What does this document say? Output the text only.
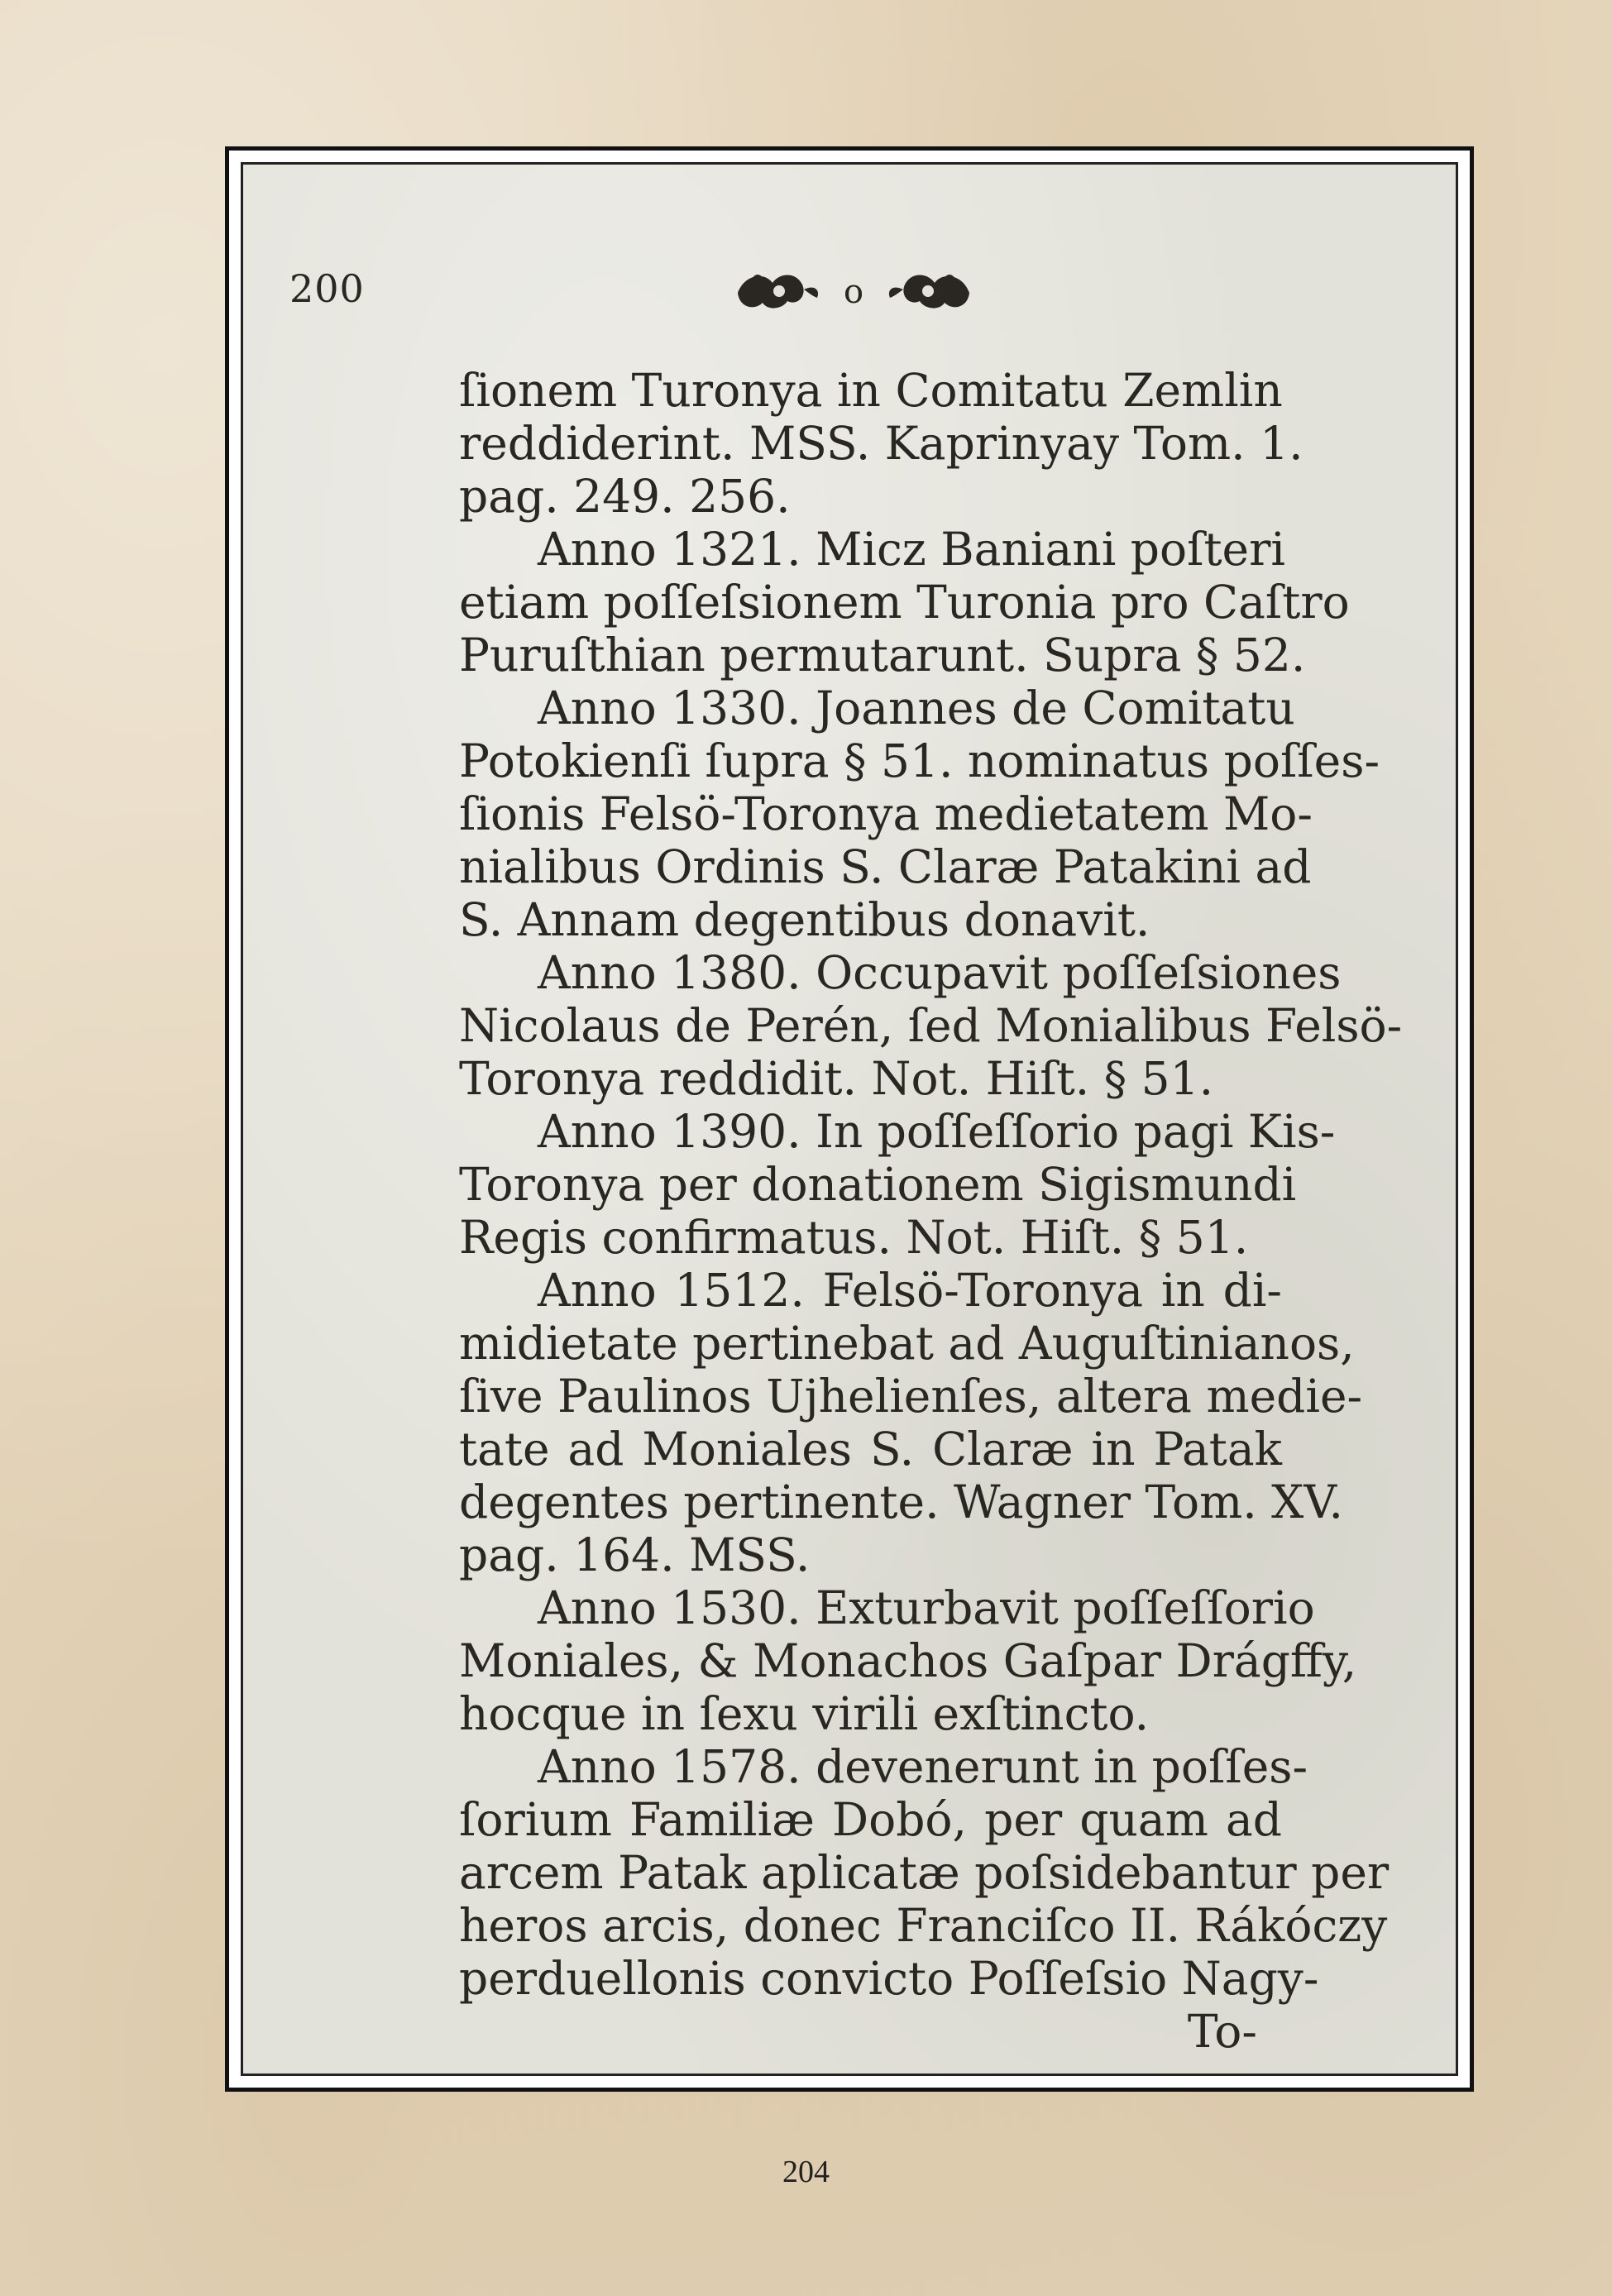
200	o
ſionem Turonya in Comitatu Zemlin
reddiderint. MSS. Kaprinyay Tom. 1.
pag. 249. 256.
Anno 1321. Micz Baniani poſteri
etiam poſſeſsionem Turonia pro Caſtro
Puruſthian permutarunt. Supra § 52.
Anno 1330. Joannes de Comitatu
Potokienſi ſupra § 51. nominatus poſſes-
ſionis Felsö-Toronya medietatem Mo-
nialibus Ordinis S. Claræ Patakini ad
S. Annam degentibus donavit.
Anno 1380. Occupavit poſſeſsiones
Nicolaus de Perén, ſed Monialibus Felsö-
Toronya reddidit. Not. Hiſt. § 51.
Anno 1390. In poſſeſſorio pagi Kis-
Toronya per donationem Sigismundi
Regis confirmatus. Not. Hiſt. § 51.
Anno 1512. Felsö-Toronya in di-
midietate pertinebat ad Auguſtinianos,
ſive Paulinos Ujhelienſes, altera medie-
tate ad Moniales S. Claræ in Patak
degentes pertinente. Wagner Tom. XV.
pag. 164. MSS.
Anno 1530. Exturbavit poſſeſſorio
Moniales, & Monachos Gaſpar Drágffy,
hocque in ſexu virili exſtincto.
Anno 1578. devenerunt in poſſes-
ſorium Familiæ Dobó, per quam ad
arcem Patak aplicatæ poſsidebantur per
heros arcis, donec Franciſco II. Rákóczy
perduellonis convicto Poſſeſsio Nagy-
To-
204
